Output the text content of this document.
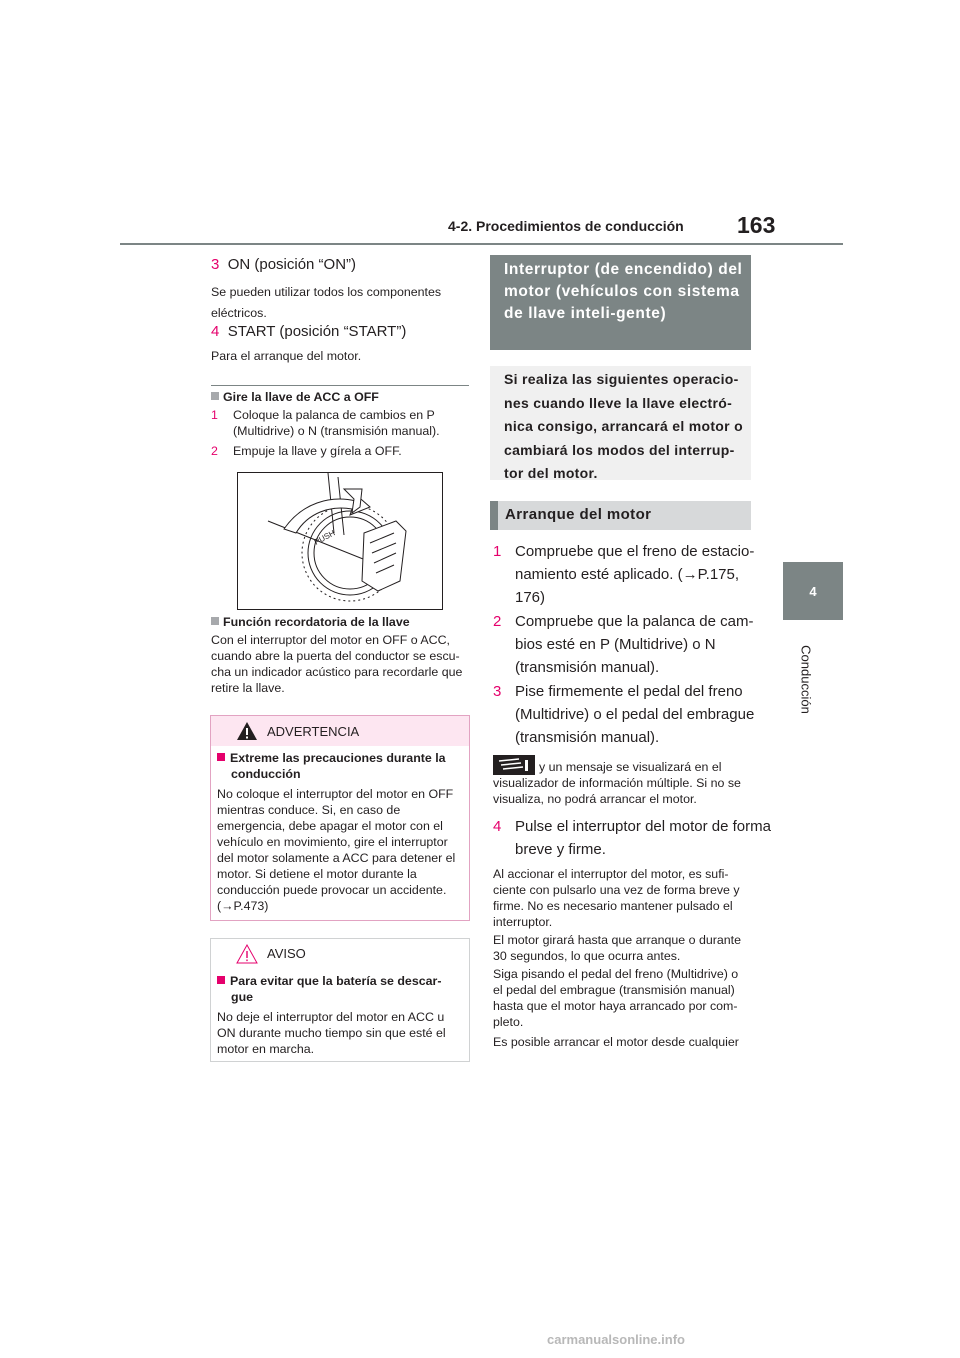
4-2. Procedimientos de conducción 163
4
Conducción
3 ON (posición “ON”)
Se pueden utilizar todos los componentes eléctricos.
4 START (posición “START”)
Para el arranque del motor.
Gire la llave de ACC a OFF
1 Coloque la palanca de cambios en P (Multidrive) o N (transmisión manual).
2 Empuje la llave y gírela a OFF.
PUSH
Función recordatoria de la llave
Con el interruptor del motor en OFF o ACC, cuando abre la puerta del conductor se escu-cha un indicador acústico para recordarle que retire la llave.
ADVERTENCIA
Extreme las precauciones durante la conducción
No coloque el interruptor del motor en OFF mientras conduce. Si, en caso de emergencia, debe apagar el motor con el vehículo en movimiento, gire el interruptor del motor solamente a ACC para detener el motor. Si detiene el motor durante la conducción puede provocar un accidente. (→P.473)
AVISO
Para evitar que la batería se descar-gue
No deje el interruptor del motor en ACC u ON durante mucho tiempo sin que esté el motor en marcha.
Interruptor (de encendido) del motor (vehículos con sistema de llave inteli-gente)
Si realiza las siguientes operacio-nes cuando lleve la llave electró-nica consigo, arrancará el motor o cambiará los modos del interrup-tor del motor.
Arranque del motor
1 Compruebe que el freno de estacio-namiento esté aplicado. (→P.175, 176)
2 Compruebe que la palanca de cam-bios esté en P (Multidrive) o N (transmisión manual).
3 Pise firmemente el pedal del freno (Multidrive) o el pedal del embrague (transmisión manual).
y un mensaje se visualizará en el visualizador de información múltiple. Si no se visualiza, no podrá arrancar el motor.
4 Pulse el interruptor del motor de forma breve y firme.
Al accionar el interruptor del motor, es sufi-ciente con pulsarlo una vez de forma breve y firme. No es necesario mantener pulsado el interruptor.
El motor girará hasta que arranque o durante 30 segundos, lo que ocurra antes.
Siga pisando el pedal del freno (Multidrive) o el pedal del embrague (transmisión manual) hasta que el motor haya arrancado por com-pleto.
Es posible arrancar el motor desde cualquier
carmanualsonline.info
